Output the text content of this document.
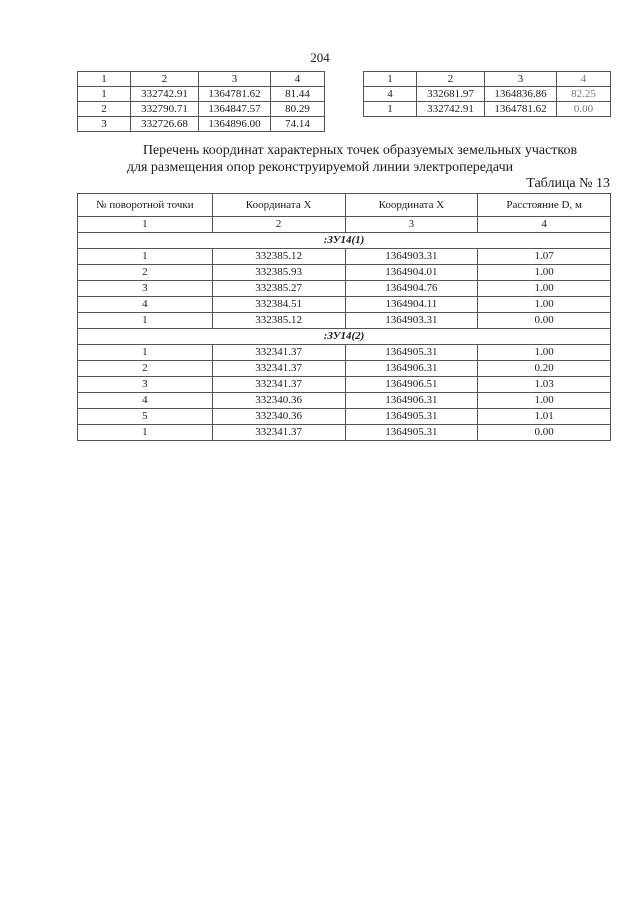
204
1	2	3	4
1	332742.91	1364781.62	81.44
2	332790.71	1364847.57	80.29
3	332726.68	1364896.00	74.14
1	2	3	4
4	332681.97	1364836.86	82.25
1	332742.91	1364781.62	0.00
Перечень координат характерных точек образуемых земельных участков
для размещения опор реконструируемой линии электропередачи
Таблица № 13
№ поворотной точки	Координата X	Координата X	Расстояние D, м
1	2	3	4
:ЗУ14(1)			
1	332385.12	1364903.31	1.07
2	332385.93	1364904.01	1.00
3	332385.27	1364904.76	1.00
4	332384.51	1364904.11	1.00
1	332385.12	1364903.31	0.00
:ЗУ14(2)			
1	332341.37	1364905.31	1.00
2	332341.37	1364906.31	0.20
3	332341.37	1364906.51	1.03
4	332340.36	1364906.31	1.00
5	332340.36	1364905.31	1.01
1	332341.37	1364905.31	0.00
